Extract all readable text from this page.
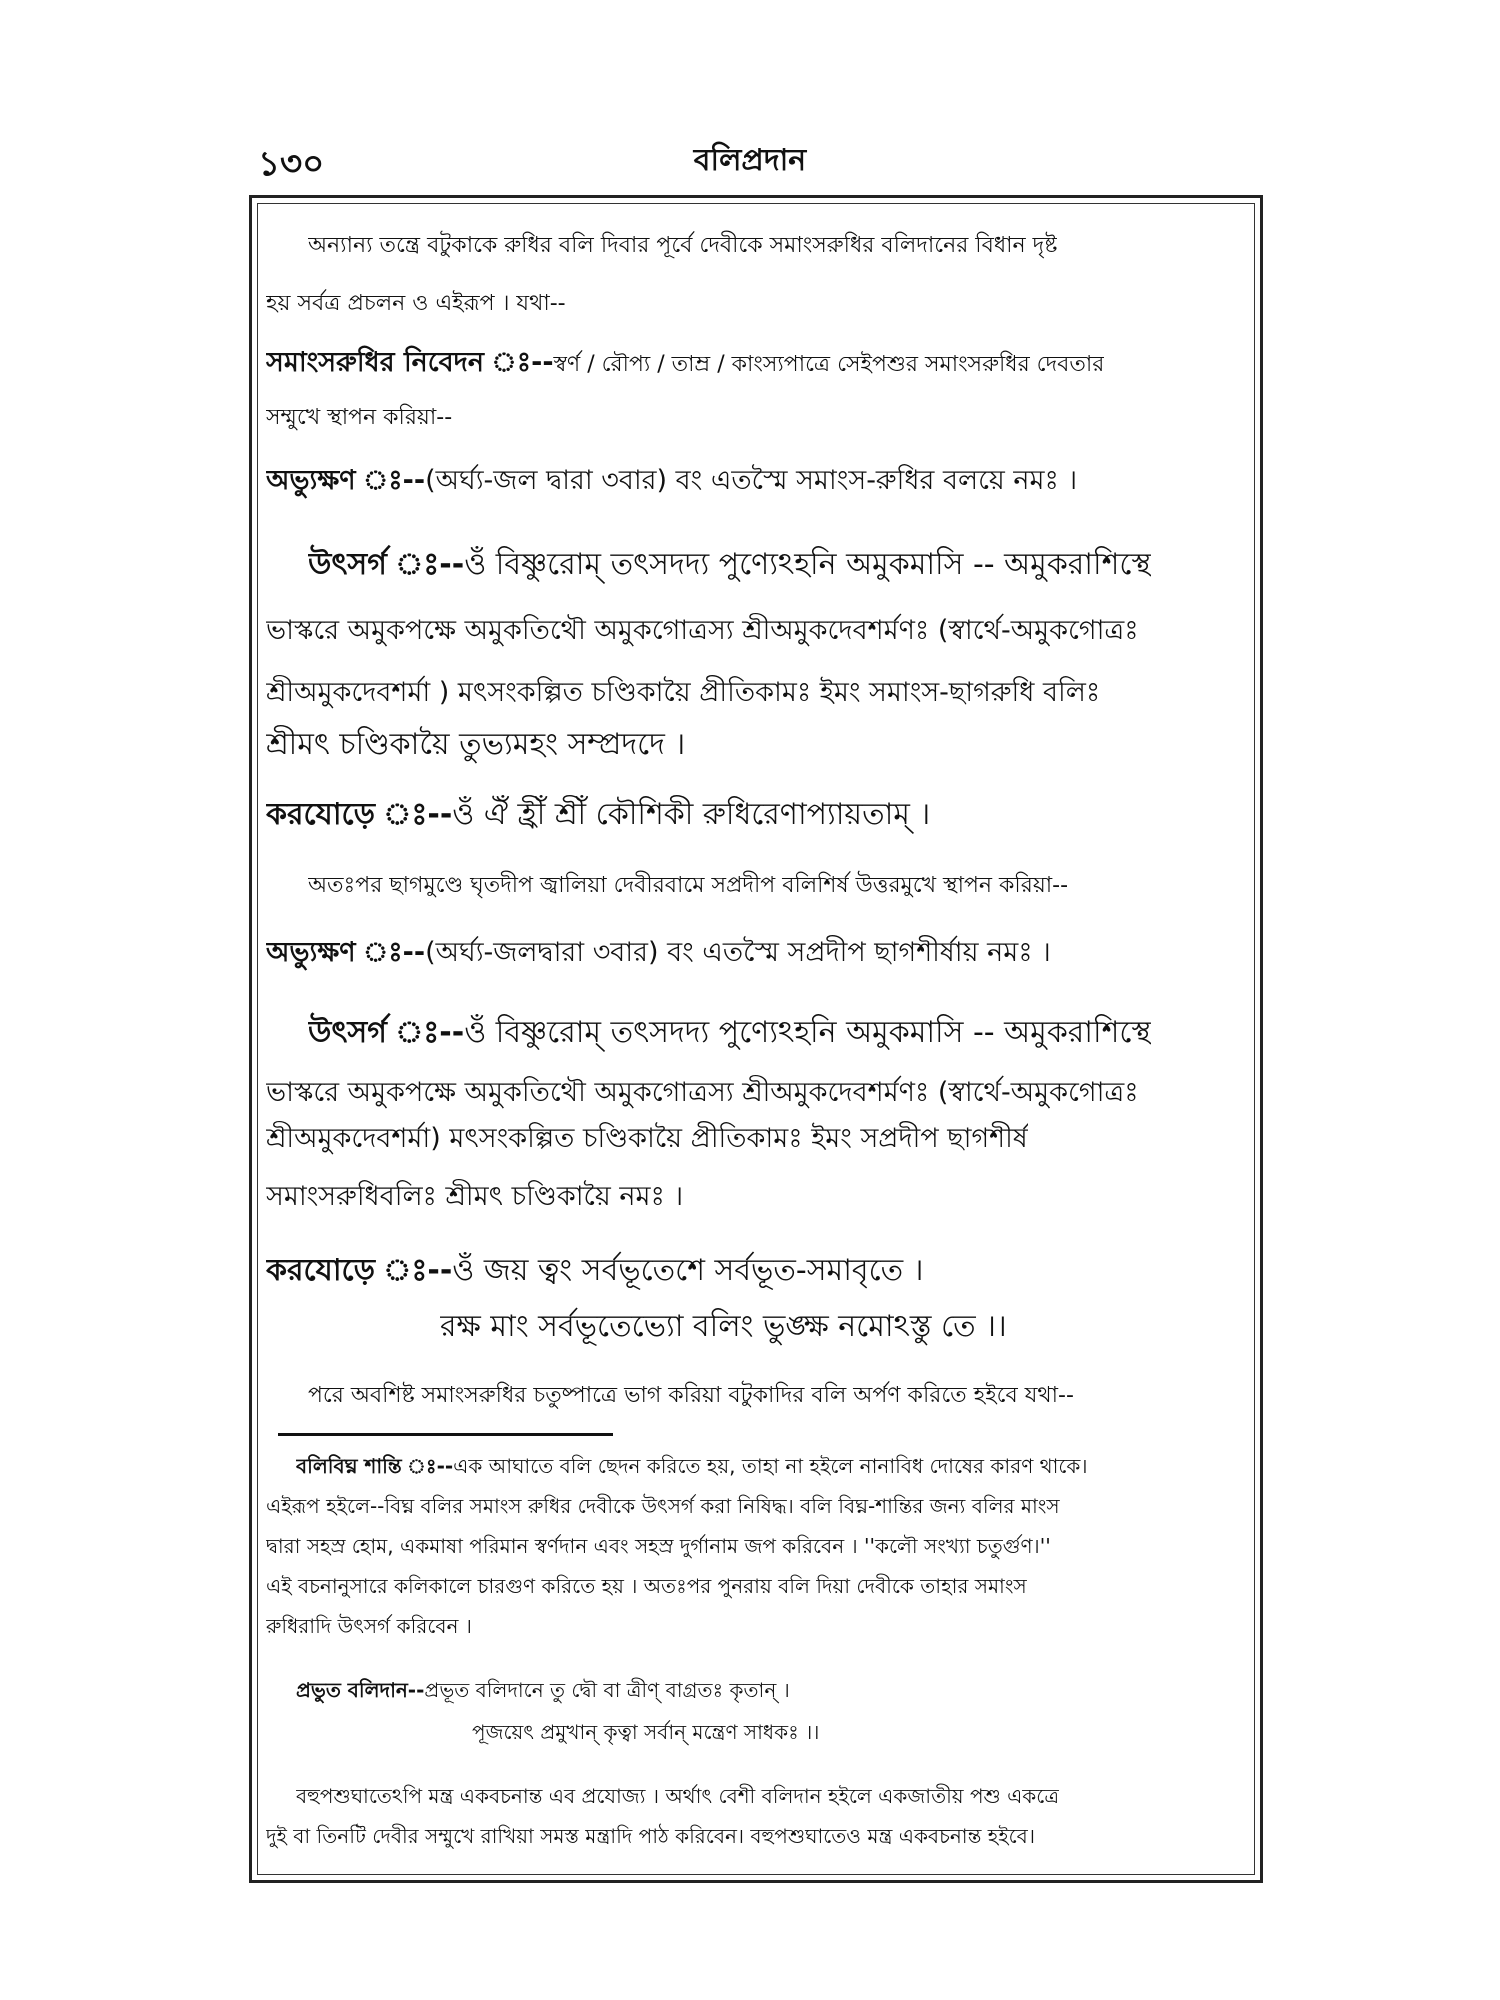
১৩০	বলিপ্রদান
অন্যান্য তন্ত্রে বটুকাকে রুধির বলি দিবার পূর্বে দেবীকে সমাংসরুধির বলিদানের বিধান দৃষ্ট
হয় সর্বত্র প্রচলন ও এইরূপ । যথা--
সমাংসরুধির নিবেদন ঃ--স্বর্ণ / রৌপ্য / তাম্র / কাংস্যপাত্রে সেইপশুর সমাংসরুধির দেবতার
সম্মুখে স্থাপন করিয়া--
অভ্যুক্ষণ ঃ--(অর্ঘ্য-জল দ্বারা ৩বার) বং এতস্মৈ সমাংস-রুধির বলয়ে নমঃ ।
উৎসর্গ ঃ--ওঁ বিষ্ণুরোম্ তৎসদদ্য পুণ্যেঽহনি অমুকমাসি -- অমুকরাশিস্থে
ভাস্করে অমুকপক্ষে অমুকতিথৌ অমুকগোত্রস্য শ্রীঅমুকদেবশর্মণঃ (স্বার্থে-অমুকগোত্রঃ
শ্রীঅমুকদেবশর্মা ) মৎসংকল্পিত চণ্ডিকায়ৈ প্রীতিকামঃ ইমং সমাংস-ছাগরুধি বলিঃ
শ্রীমৎ চণ্ডিকায়ৈ তুভ্যমহং সম্প্রদদে ।
করযোড়ে ঃ--ওঁ ঐঁ হ্রীঁ শ্রীঁ কৌশিকী রুধিরেণাপ্যায়তাম্ ।
অতঃপর ছাগমুণ্ডে ঘৃতদীপ জ্বালিয়া দেবীরবামে সপ্রদীপ বলিশির্ষ উত্তরমুখে স্থাপন করিয়া--
অভ্যুক্ষণ ঃ--(অর্ঘ্য-জলদ্বারা ৩বার) বং এতস্মৈ সপ্রদীপ ছাগশীর্ষায় নমঃ ।
উৎসর্গ ঃ--ওঁ বিষ্ণুরোম্ তৎসদদ্য পুণ্যেঽহনি অমুকমাসি -- অমুকরাশিস্থে
ভাস্করে অমুকপক্ষে অমুকতিথৌ অমুকগোত্রস্য শ্রীঅমুকদেবশর্মণঃ (স্বার্থে-অমুকগোত্রঃ
শ্রীঅমুকদেবশর্মা) মৎসংকল্পিত চণ্ডিকায়ৈ প্রীতিকামঃ ইমং সপ্রদীপ ছাগশীর্ষ
সমাংসরুধিবলিঃ শ্রীমৎ চণ্ডিকায়ৈ নমঃ ।
করযোড়ে ঃ--ওঁ জয় ত্বং সর্বভূতেশে সর্বভূত-সমাবৃতে ।
রক্ষ মাং সর্বভূতেভ্যো বলিং ভুঙ্ক্ষ নমোঽস্তু তে ।।
পরে অবশিষ্ট সমাংসরুধির চতুষ্পাত্রে ভাগ করিয়া বটুকাদির বলি অর্পণ করিতে হইবে যথা--
বলিবিঘ্ন শান্তি ঃ--এক আঘাতে বলি ছেদন করিতে হয়, তাহা না হইলে নানাবিধ দোষের কারণ থাকে।
এইরূপ হইলে--বিঘ্ন বলির সমাংস রুধির দেবীকে উৎসর্গ করা নিষিদ্ধ। বলি বিঘ্ন-শান্তির জন্য বলির মাংস
দ্বারা সহস্র হোম, একমাষা পরিমান স্বর্ণদান এবং সহস্র দুর্গানাম জপ করিবেন । ''কলৌ সংখ্যা চতুর্গুণ।''
এই বচনানুসারে কলিকালে চারগুণ করিতে হয় । অতঃপর পুনরায় বলি দিয়া দেবীকে তাহার সমাংস
রুধিরাদি উৎসর্গ করিবেন ।
প্রভুত বলিদান--প্রভূত বলিদানে তু দ্বৌ বা ত্রীণ্ বাগ্রতঃ কৃতান্ ।
পূজয়েৎ প্রমুখান্ কৃত্বা সর্বান্ মন্ত্রেণ সাধকঃ ।।
বহুপশুঘাতেঽপি মন্ত্র একবচনান্ত এব প্রযোজ্য । অর্থাৎ বেশী বলিদান হইলে একজাতীয় পশু একত্রে
দুই বা তিনটি দেবীর সম্মুখে রাখিয়া সমস্ত মন্ত্রাদি পাঠ করিবেন। বহুপশুঘাতেও মন্ত্র একবচনান্ত হইবে।
